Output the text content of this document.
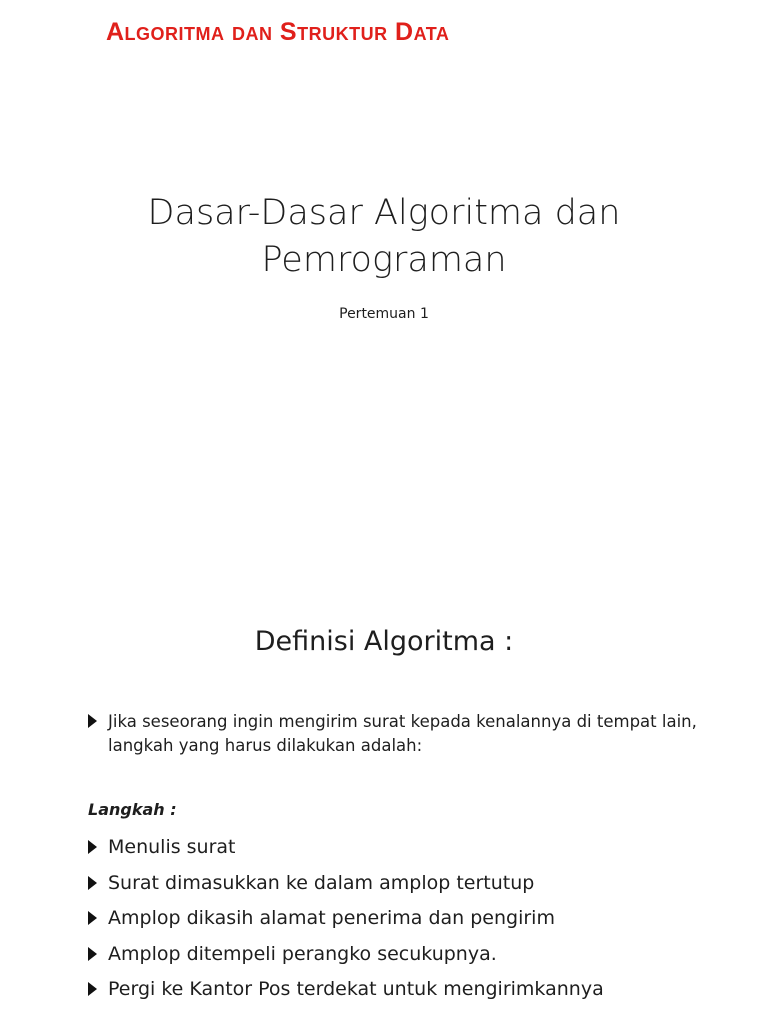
Algoritma dan Struktur Data
Dasar-Dasar Algoritma dan
Pemrograman
Pertemuan 1
Definisi Algoritma :
Jika seseorang ingin mengirim surat kepada kenalannya di tempat lain, langkah yang harus dilakukan adalah:
Langkah :
Menulis surat
Surat dimasukkan ke dalam amplop tertutup
Amplop dikasih alamat penerima dan pengirim
Amplop ditempeli perangko secukupnya.
Pergi ke Kantor Pos terdekat untuk mengirimkannya
